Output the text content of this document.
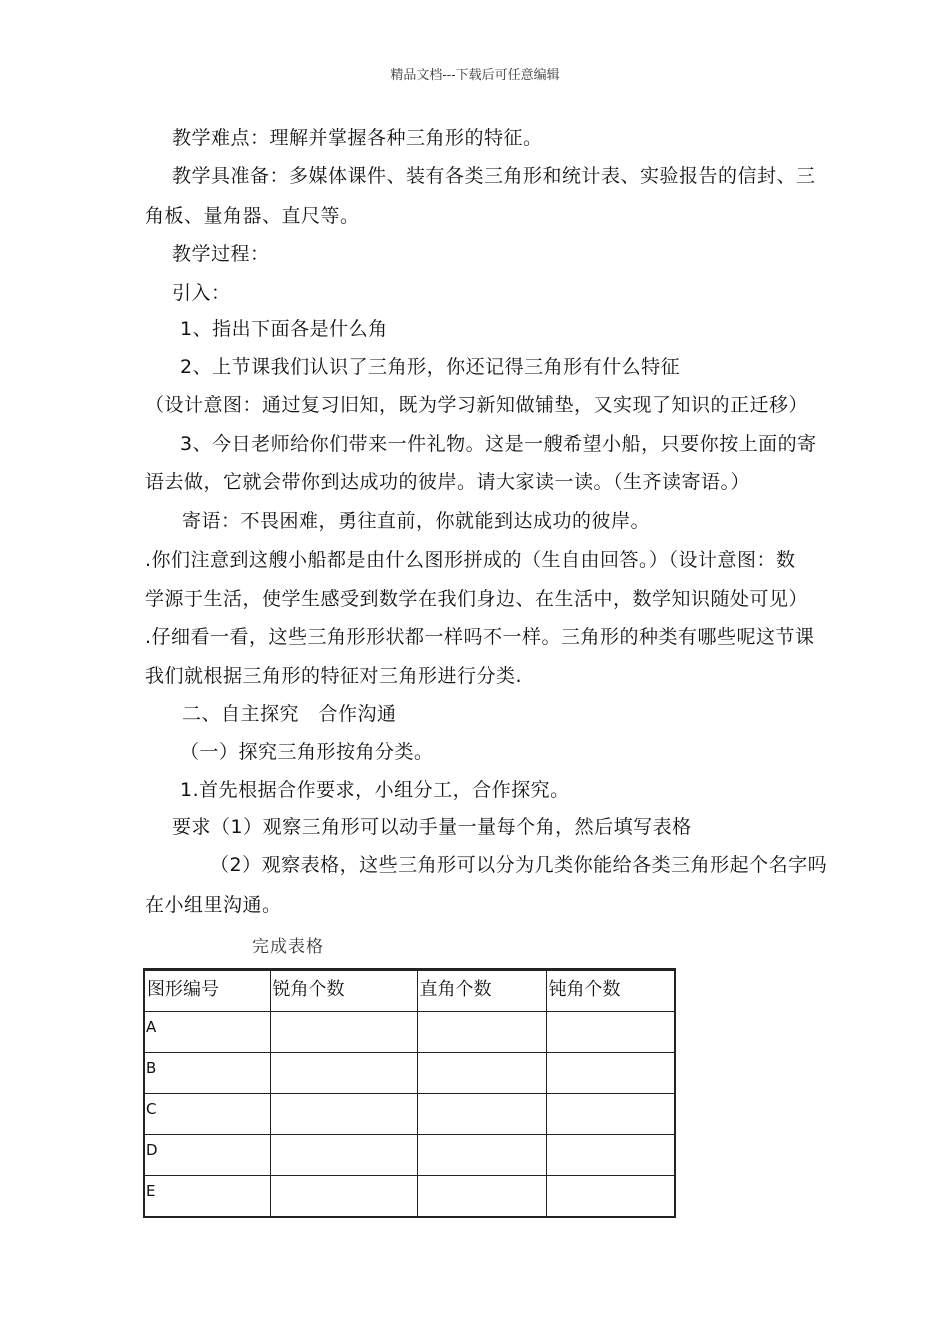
精品文档---下载后可任意编辑
教学难点：理解并掌握各种三角形的特征。
教学具准备：多媒体课件、装有各类三角形和统计表、实验报告的信封、三
角板、量角器、直尺等。
教学过程：
引入：
1、指出下面各是什么角
2、上节课我们认识了三角形，你还记得三角形有什么特征
（设计意图：通过复习旧知，既为学习新知做铺垫，又实现了知识的正迁移）
3、今日老师给你们带来一件礼物。这是一艘希望小船，只要你按上面的寄
语去做，它就会带你到达成功的彼岸。请大家读一读。（生齐读寄语。）
寄语：不畏困难，勇往直前，你就能到达成功的彼岸。
.你们注意到这艘小船都是由什么图形拼成的（生自由回答。）（设计意图：数
学源于生活，使学生感受到数学在我们身边、在生活中，数学知识随处可见）
.仔细看一看，这些三角形形状都一样吗不一样。三角形的种类有哪些呢这节课
我们就根据三角形的特征对三角形进行分类.
二、自主探究　合作沟通
（一）探究三角形按角分类。
1.首先根据合作要求，小组分工，合作探究。
要求（1）观察三角形可以动手量一量每个角，然后填写表格
（2）观察表格，这些三角形可以分为几类你能给各类三角形起个名字吗
在小组里沟通。
完成表格
图形编号	锐角个数	直角个数	钝角个数
A			
B			
C			
D			
E			
